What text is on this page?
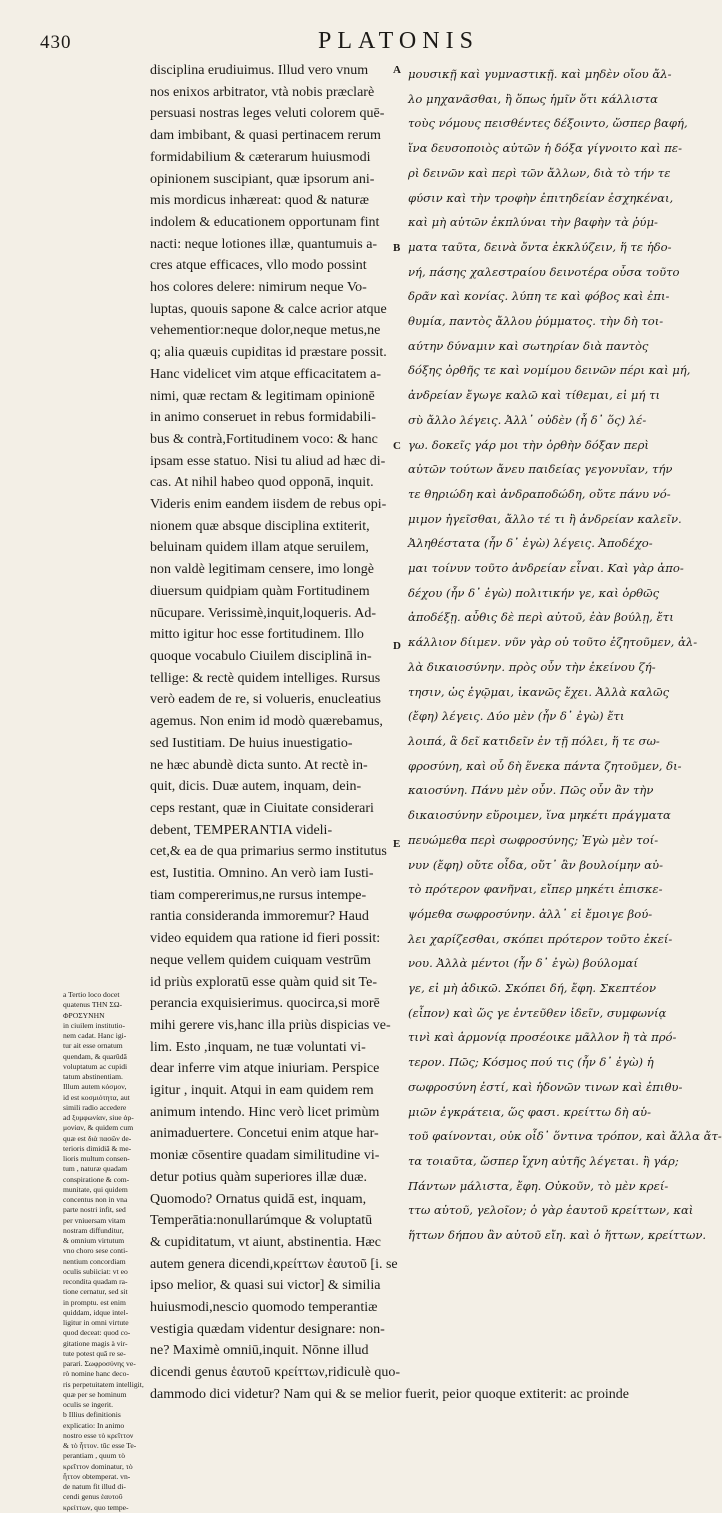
430	PLATONIS
disciplina erudiuimus. Illud vero vnum
nos enixos arbitrator, vtà nobis præclarè
persuasi nostras leges veluti colorem quē-
dam imbibant, & quasi pertinacem rerum
formidabilium & cæterarum huiusmodi
opinionem suscipiant, quæ ipsorum ani-
mis mordicus inhæreat: quod & naturæ
indolem & educationem opportunam fint
nacti: neque lotiones illæ, quantumuis a-
cres atque efficaces, vllo modo possint
hos colores delere: nimirum neque Vo-
luptas, quouis sapone & calce acrior atque
vehementior:neque dolor,neque metus,ne
q; alia quæuis cupiditas id præstare possit.
Hanc videlicet vim atque efficacitatem a-
nimi, quæ rectam & legitimam opinionē
in animo conseruet in rebus formidabili-
bus & contrà,Fortitudinem voco: & hanc
ipsam esse statuo. Nisi tu aliud ad hæc di-
cas. At nihil habeo quod opponā, inquit.
Videris enim eandem iisdem de rebus opi-
nionem quæ absque disciplina extiterit,
beluinam quidem illam atque seruilem,
non valdè legitimam censere, imo longè
diuersum quidpiam quàm Fortitudinem
nūcupare. Verissimè,inquit,loqueris. Ad-
mitto igitur hoc esse fortitudinem. Illo
quoque vocabulo Ciuilem disciplinā in-
tellige: & rectè quidem intelliges. Rursus
verò eadem de re, si volueris, enucleatius
agemus. Non enim id modò quærebamus,
sed Iustitiam. De huius inuestigatio-
ne hæc abundè dicta sunto. At rectè in-
quit, dicis. Duæ autem, inquam, dein-
ceps restant, quæ in Ciuitate considerari
debent, TEMPERANTIA videli-
cet,& ea de qua primarius sermo institutus
est, Iustitia. Omnino. An verò iam Iusti-
tiam compererimus,ne rursus intempe-
rantia consideranda immoremur? Haud
video equidem qua ratione id fieri possit:
neque vellem quidem cuiquam vestrūm
id priùs exploratū esse quàm quid sit Te-
perancia exquisierimus. quocirca,si morē
mihi gerere vis,hanc illa priùs dispicias ve-
lim. Esto ,inquam, ne tuæ voluntati vi-
dear inferre vim atque iniuriam. Perspice
igitur , inquit. Atqui in eam quidem rem
animum intendo. Hinc verò licet primùm
animaduertere. Concetui enim atque har-
moniæ cōsentire quadam similitudine vi-
detur potius quàm superiores illæ duæ.
Quomodo? Ornatus quidā est, inquam,
Temperātia:nonullarúmque & voluptatū
& cupiditatum, vt aiunt, abstinentia. Hæc
autem genera dicendi,κρείττων ἑαυτοῦ [i. se
ipso melior, & quasi sui victor] & similia
huiusmodi,nescio quomodo temperantiæ
vestigia quædam videntur designare: non-
ne? Maximè omniū,inquit. Nōnne illud
dicendi genus ἑαυτοῦ κρείττων,ridiculè quo-
dammodo dici videtur? Nam qui & se melior fuerit, peior quoque extiterit: ac proinde
μουσικῇ καὶ γυμναστικῇ. καὶ μηδὲν οἴου ἄλ-
λο μηχανᾶσθαι, ἢ ὅπως ἡμῖν ὅτι κάλλιστα
τοὺς νόμους πεισθέντες δέξοιντο, ὥσπερ βαφή,
ἵνα δευσοποιὸς αὐτῶν ἡ δόξα γίγνοιτο καὶ πε-
ρὶ δεινῶν καὶ περὶ τῶν ἄλλων, διὰ τὸ τήν τε
φύσιν καὶ τὴν τροφὴν ἐπιτηδείαν ἐσχηκέναι,
καὶ μὴ αὐτῶν ἐκπλύναι τὴν βαφὴν τὰ ῥύμ-
ματα ταῦτα, δεινὰ ὄντα ἐκκλύζειν, ἥ τε ἡδο-
νή, πάσης χαλεστραίου δεινοτέρα οὖσα τοῦτο
δρᾶν καὶ κονίας. λύπη τε καὶ φόβος καὶ ἐπι-
θυμία, παντὸς ἄλλου ῥύμματος. τὴν δὴ τοι-
αύτην δύναμιν καὶ σωτηρίαν διὰ παντὸς
δόξης ὀρθῆς τε καὶ νομίμου δεινῶν πέρι καὶ μή,
ἀνδρείαν ἔγωγε καλῶ καὶ τίθεμαι, εἰ μή τι
σὺ ἄλλο λέγεις. Ἀλλ᾽ οὐδὲν (ἦ δ᾽ ὅς) λέ-
γω. δοκεῖς γάρ μοι τὴν ὀρθὴν δόξαν περὶ
αὐτῶν τούτων ἄνευ παιδείας γεγονυῖαν, τήν
τε θηριώδη καὶ ἀνδραποδώδη, οὔτε πάνυ νό-
μιμον ἡγεῖσθαι, ἄλλο τέ τι ἢ ἀνδρείαν καλεῖν.
Ἀληθέστατα (ἦν δ᾽ ἐγὼ) λέγεις. Ἀποδέχο-
μαι τοίνυν τοῦτο ἀνδρείαν εἶναι. Καὶ γὰρ ἀπο-
δέχου (ἦν δ᾽ ἐγὼ) πολιτικήν γε, καὶ ὀρθῶς
ἀποδέξῃ. αὖθις δὲ περὶ αὐτοῦ, ἐὰν βούλῃ, ἔτι
κάλλιον δίιμεν. νῦν γὰρ οὐ τοῦτο ἐζητοῦμεν, ἀλ-
λὰ δικαιοσύνην. πρὸς οὖν τὴν ἐκείνου ζή-
τησιν, ὡς ἐγῷμαι, ἱκανῶς ἔχει. Ἀλλὰ καλῶς
(ἔφη) λέγεις. Δύο μὲν (ἦν δ᾽ ἐγὼ) ἔτι
λοιπά, ἃ δεῖ κατιδεῖν ἐν τῇ πόλει, ἥ τε σω-
φροσύνη, καὶ οὗ δὴ ἕνεκα πάντα ζητοῦμεν, δι-
καιοσύνη. Πάνυ μὲν οὖν. Πῶς οὖν ἂν τὴν
δικαιοσύνην εὕροιμεν, ἵνα μηκέτι πράγματα
πευώμεθα περὶ σωφροσύνης; Ἐγὼ μὲν τοί-
νυν (ἔφη) οὔτε οἶδα, οὔτ᾽ ἂν βουλοίμην αὐ-
τὸ πρότερον φανῆναι, εἴπερ μηκέτι ἐπισκε-
ψόμεθα σωφροσύνην. ἀλλ᾽ εἰ ἔμοιγε βού-
λει χαρίζεσθαι, σκόπει πρότερον τοῦτο ἐκεί-
νου. Ἀλλὰ μέντοι (ἦν δ᾽ ἐγὼ) βούλομαί
γε, εἰ μὴ ἀδικῶ. Σκόπει δή, ἔφη. Σκεπτέον
(εἶπον) καὶ ὥς γε ἐντεῦθεν ἰδεῖν, συμφωνίᾳ
τινὶ καὶ ἁρμονίᾳ προσέοικε μᾶλλον ἢ τὰ πρό-
τερον. Πῶς; Κόσμος πού τις (ἦν δ᾽ ἐγὼ) ἡ
σωφροσύνη ἐστί, καὶ ἡδονῶν τινων καὶ ἐπιθυ-
μιῶν ἐγκράτεια, ὥς φασι. κρείττω δὴ αὑ-
τοῦ φαίνονται, οὐκ οἶδ᾽ ὅντινα τρόπον, καὶ ἄλλα ἄτ-
τα τοιαῦτα, ὥσπερ ἴχνη αὐτῆς λέγεται. ἢ γάρ;
Πάντων μάλιστα, ἔφη. Οὐκοῦν, τὸ μὲν κρεί-
ττω αὑτοῦ, γελοῖον; ὁ γὰρ ἑαυτοῦ κρείττων, καὶ
ἥττων δήπου ἂν αὑτοῦ εἴη. καὶ ὁ ἥττων, κρείττων.
A
B
C
D
E
a Tertio loco docet
quatenus ΤΗΝ ΣΩ-
ΦΡΟΣΥΝΗΝ
in ciuilem institutio-
nem cadat. Hanc igi-
tur ait esse ornatum
quendam, & quarūdā
voluptatum ac cupidi
tatum abstinentiam.
Illum autem κόσμον,
id est κοσμιότητα, aut
simili radio accedere
ad ξυμφωνίαν, siue ἁρ-
μονίαν, & quidem cum
quæ est διὰ πασῶν de-
terioris dimidiā & me-
lioris multum consen-
tum , naturæ quadam
conspiratione & com-
munitate, qui quidem
concentus non in vna
parte nostri infit, sed
per vniuersam vitam
nostram diffunditur,
& omnium virtutum
vno choro sese conti-
nentium concordiam
oculis subiiciat: vt eo
recondita quadam ra-
tione cernatur, sed sit
in promptu. est enim
quiddam, idque intel-
ligitur in omni virtute
quod deceat: quod co-
gitatione magis à vir-
tute potest quā re se-
parari. Σωφροσύνης ve-
rò nomine hanc deco-
ris perpetuitatem intelligit,
quæ per se hominum
oculis se ingerit.
b Illius definitionis
explicatio: In animo
nostro esse τὸ κρεῖττον
& τὸ ἧττον. tūc esse Te-
perantiam , quum τὸ
κρεῖττον dominatur, τὸ
ἧττον obtemperat. vn-
de natum fit illud di-
cendi genus ἑαυτοῦ
κρείττων, quo tempe-
